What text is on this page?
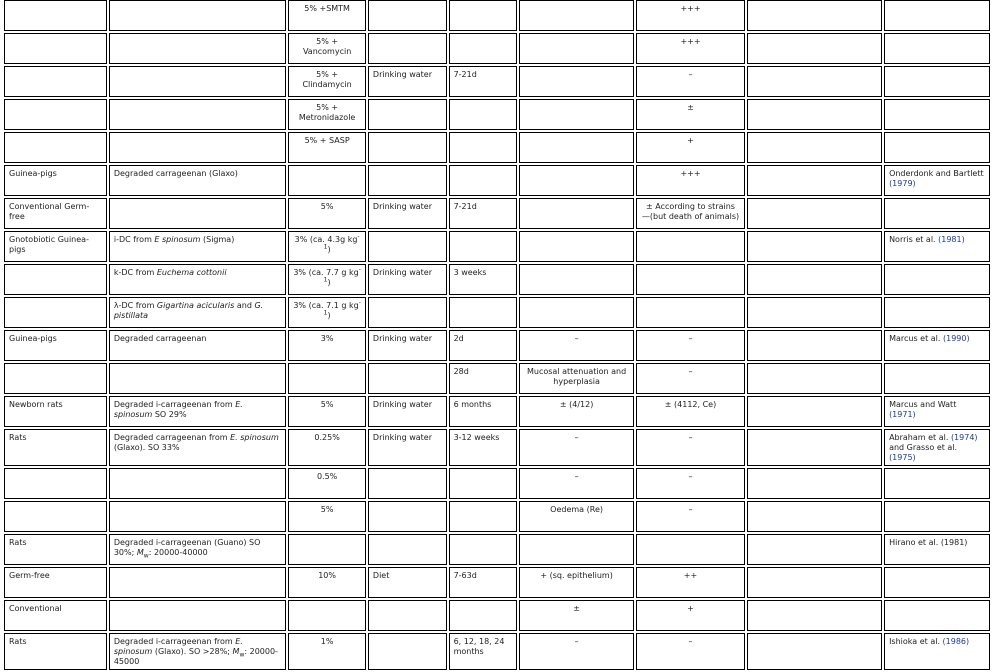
		5% +SMTM				+++		
		5% + Vancomycin				+++		
		5% + Clindamycin	Drinking water	7-21d		–		
		5% + Metronidazole				±		
		5% + SASP				+		
Guinea-pigs	Degraded carrageenan (Glaxo)					+++		Onderdonk and Bartlett (1979)
Conventional Germ-free		5%	Drinking water	7-21d		± According to strains —(but death of animals)		
Gnotobiotic Guinea-pigs	i-DC from E spinosum (Sigma)	3% (ca. 4.3g $kg^{-1}$)						Norris et al. (1981)
	k-DC from Euchema cottonii	3% (ca. 7.7 g $kg^{-1}$)	Drinking water	3 weeks				
	λ-DC from Gigartina acicularis and G. pistillata	3% (ca. 7.1 g $kg^{-1}$)						
Guinea-pigs	Degraded carrageenan	3%	Drinking water	2d	–	–		Marcus et al. (1990)
				28d	Mucosal attenuation and hyperplasia	–		
Newborn rats	Degraded i-carrageenan from E. spinosum SO 29%	5%	Drinking water	6 months	± (4/12)	± (4112, Ce)		Marcus and Watt (1971)
Rats	Degraded carrageenan from E. spinosum (Glaxo). SO 33%	0.25%	Drinking water	3-12 weeks	–	–		Abraham et al. (1974) and Grasso et al. (1975)
		0.5%			–	–		
		5%			Oedema (Re)	–		
Rats	Degraded i-carrageenan (Guano) SO 30%; $M_w$: 20000-40000							Hirano et al. (1981)
Germ-free		10%	Diet	7-63d	+ (sq. epithelium)	++		
Conventional					±	+		
Rats	Degraded i-carrageenan from E. spinosum (Glaxo). SO >28%; $M_w$: 20000-45000	1%		6, 12, 18, 24 months	–	–		Ishioka et al. (1986)
